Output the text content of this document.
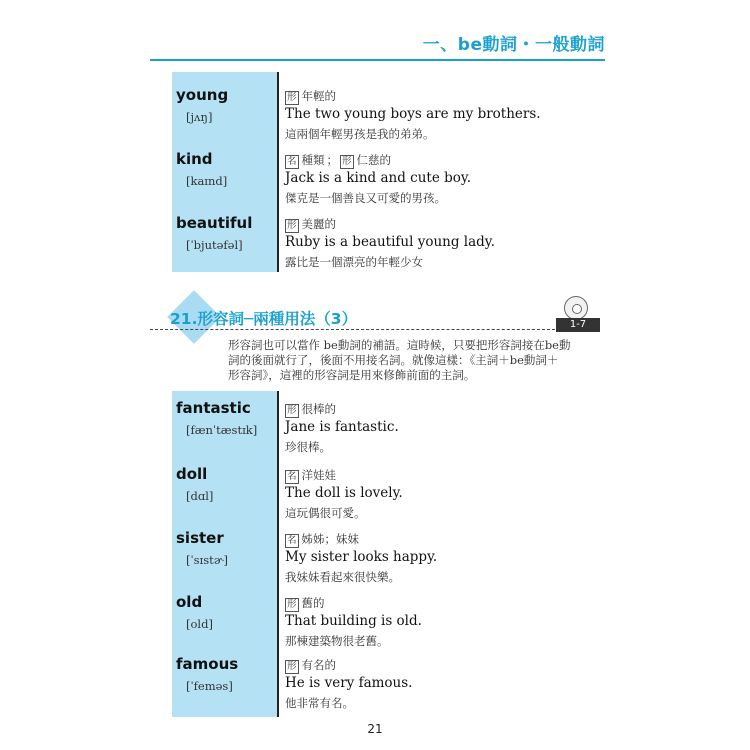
一、be動詞・一般動詞
young
[jʌŋ]
形 年輕的
The two young boys are my brothers.
這兩個年輕男孩是我的弟弟。
kind
[kaɪnd]
名 種類 ； 形 仁慈的
Jack is a kind and cute boy.
傑克是一個善良又可愛的男孩。
beautiful
[ˈbjutəfəl]
形 美麗的
Ruby is a beautiful young lady.
露比是一個漂亮的年輕少女
21.形容詞─兩種用法（3）	1-7
形容詞也可以當作 be動詞的補語。這時候，只要把形容詞接在be動
詞的後面就行了，後面不用接名詞。就像這樣：《主詞＋be動詞＋
形容詞》，這裡的形容詞是用來修飾前面的主詞。
fantastic
[fænˈtæstɪk]
形 很棒的
Jane is fantastic.
珍很棒。
doll
[dɑl]
名 洋娃娃
The doll is lovely.
這玩偶很可愛。
sister
[ˈsɪstɚ]
名 姊姊；妹妹
My sister looks happy.
我妹妹看起來很快樂。
old
[old]
形 舊的
That building is old.
那棟建築物很老舊。
famous
[ˈfeməs]
形 有名的
He is very famous.
他非常有名。
21
